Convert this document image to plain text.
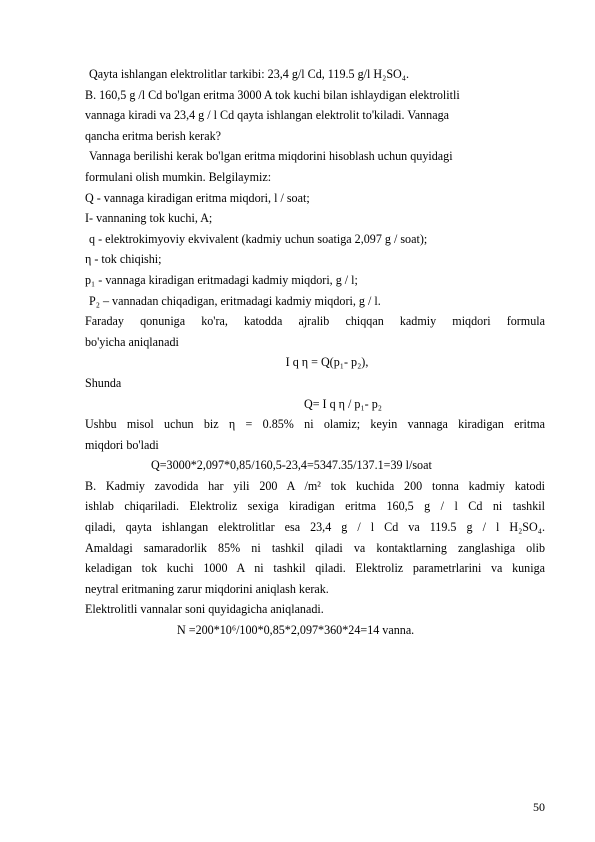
Qayta ishlangan elektrolitlar tarkibi: 23,4 g/l Cd, 119.5 g/l H₂SO₄.

B. 160,5 g /l Cd bo'lgan eritma 3000 A tok kuchi bilan ishlaydigan elektrolitli

vannaga kiradi va 23,4 g / l Cd qayta ishlangan elektrolit to'kiladi. Vannaga

qancha eritma berish kerak?

Vannaga berilishi kerak bo'lgan eritma miqdorini hisoblash uchun quyidagi

formulani olish mumkin. Belgilaymiz:

Q - vannaga kiradigan eritma miqdori, l / soat;

I- vannaning tok kuchi, A;

q - elektrokimyoviy ekvivalent (kadmiy uchun soatiga 2,097 g / soat);

η - tok chiqishi;

p₁ - vannaga kiradigan eritmadagi kadmiy miqdori, g / l;

P₂ – vannadan chiqadigan, eritmadagi kadmiy miqdori, g / l.

Faraday qonuniga ko'ra, katodda ajralib chiqqan kadmiy miqdori formula

bo'yicha aniqlanadi

I q η = Q(p₁- p₂),

Shunda

Q= I q η / p₁- p₂

Ushbu misol uchun biz η = 0.85% ni olamiz; keyin vannaga kiradigan eritma

miqdori bo'ladi

Q=3000*2,097*0,85/160,5-23,4=5347.35/137.1=39 l/soat

B. Kadmiy zavodida har yili 200 A /m² tok kuchida 200 tonna kadmiy katodi

ishlab chiqariladi. Elektroliz sexiga kiradigan eritma 160,5 g / l Cd ni tashkil

qiladi, qayta ishlangan elektrolitlar esa 23,4 g / l Cd va 119.5 g / l H₂SO₄.

Amaldagi samaradorlik 85% ni tashkil qiladi va kontaktlarning zanglashiga olib

keladigan tok kuchi 1000 A ni tashkil qiladi. Elektroliz parametrlarini va kuniga

neytral eritmaning zarur miqdorini aniqlash kerak.

Elektrolitli vannalar soni quyidagicha aniqlanadi.

N =200*10⁶/100*0,85*2,097*360*24=14 vanna.

50
